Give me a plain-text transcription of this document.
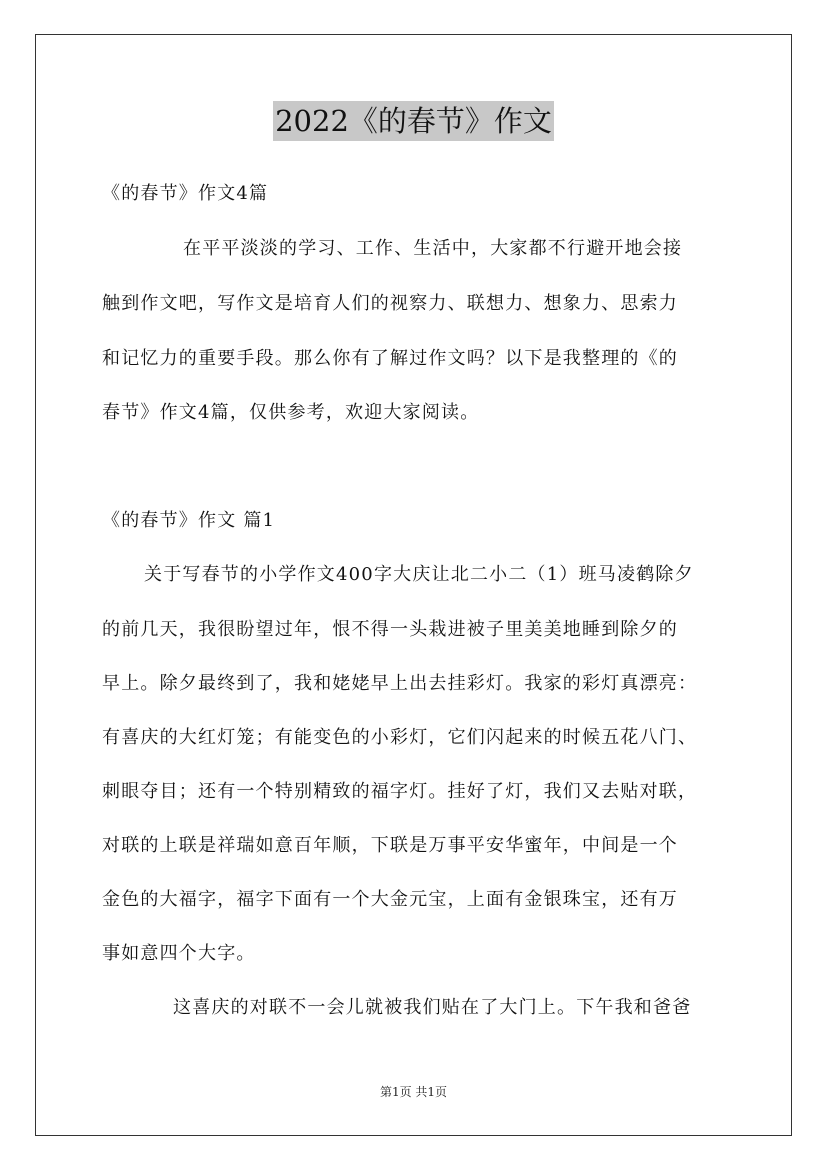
2022《的春节》作文
《的春节》作文4篇
在平平淡淡的学习、工作、生活中，大家都不行避开地会接
触到作文吧，写作文是培育人们的视察力、联想力、想象力、思索力
和记忆力的重要手段。那么你有了解过作文吗？以下是我整理的《的
春节》作文4篇，仅供参考，欢迎大家阅读。
《的春节》作文 篇1
关于写春节的小学作文400字大庆让北二小二（1）班马凌鹤除夕
的前几天，我很盼望过年，恨不得一头栽进被子里美美地睡到除夕的
早上。除夕最终到了，我和姥姥早上出去挂彩灯。我家的彩灯真漂亮：
有喜庆的大红灯笼；有能变色的小彩灯，它们闪起来的时候五花八门、
刺眼夺目；还有一个特别精致的福字灯。挂好了灯，我们又去贴对联，
对联的上联是祥瑞如意百年顺，下联是万事平安华蜜年，中间是一个
金色的大福字，福字下面有一个大金元宝，上面有金银珠宝，还有万
事如意四个大字。
这喜庆的对联不一会儿就被我们贴在了大门上。下午我和爸爸
第1页 共1页
